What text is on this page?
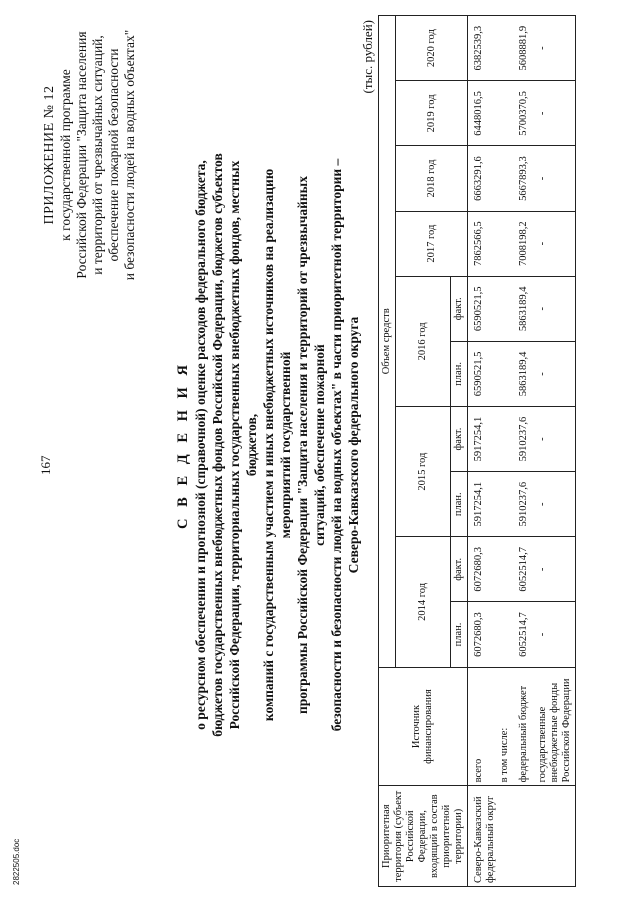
167
ПРИЛОЖЕНИЕ № 12 к государственной программе Российской Федерации "Защита населения и территорий от чрезвычайных ситуаций, обеспечение пожарной безопасности и безопасности людей на водных объектах"
С В Е Д Е Н И Я о ресурсном обеспечении и прогнозной (справочной) оценке расходов федерального бюджета, бюджетов государственных внебюджетных фондов Российской Федерации, бюджетов субъектов Российской Федерации, территориальных государственных внебюджетных фондов, местных бюджетов, компаний с государственным участием и иных внебюджетных источников на реализацию мероприятий государственной программы Российской Федерации "Защита населения и территорий от чрезвычайных ситуаций, обеспечение пожарной безопасности и безопасности людей на водных объектах" в части приоритетной территории – Северо-Кавказского федерального округа
(тыс. рублей)
Приоритетная территория (субъект Российской Федерации, входящий в состав приоритетной территории)	Источник финансирования	Объем средств									
		2014 год		2015 год		2016 год		2017 год	2018 год	2019 год	2020 год
		план.	факт.	план.	факт.	план.	факт.				
Северо-Кавказский федеральный округ	всего в том числе:	6072680,3	6072680,3	5917254,1	5917254,1	6590521,5	6590521,5	7862566,5	6663291,6	6448016,5	6382539,3
	федеральный бюджет	6052514,7	6052514,7	5910237,6	5910237,6	5863189,4	5863189,4	7008198,2	5667893,3	5700370,5	5608881,9
	государственные внебюджетные фонды Российской Федерации	-	-	-	-	-	-	-	-	-	-
2822505.doc
